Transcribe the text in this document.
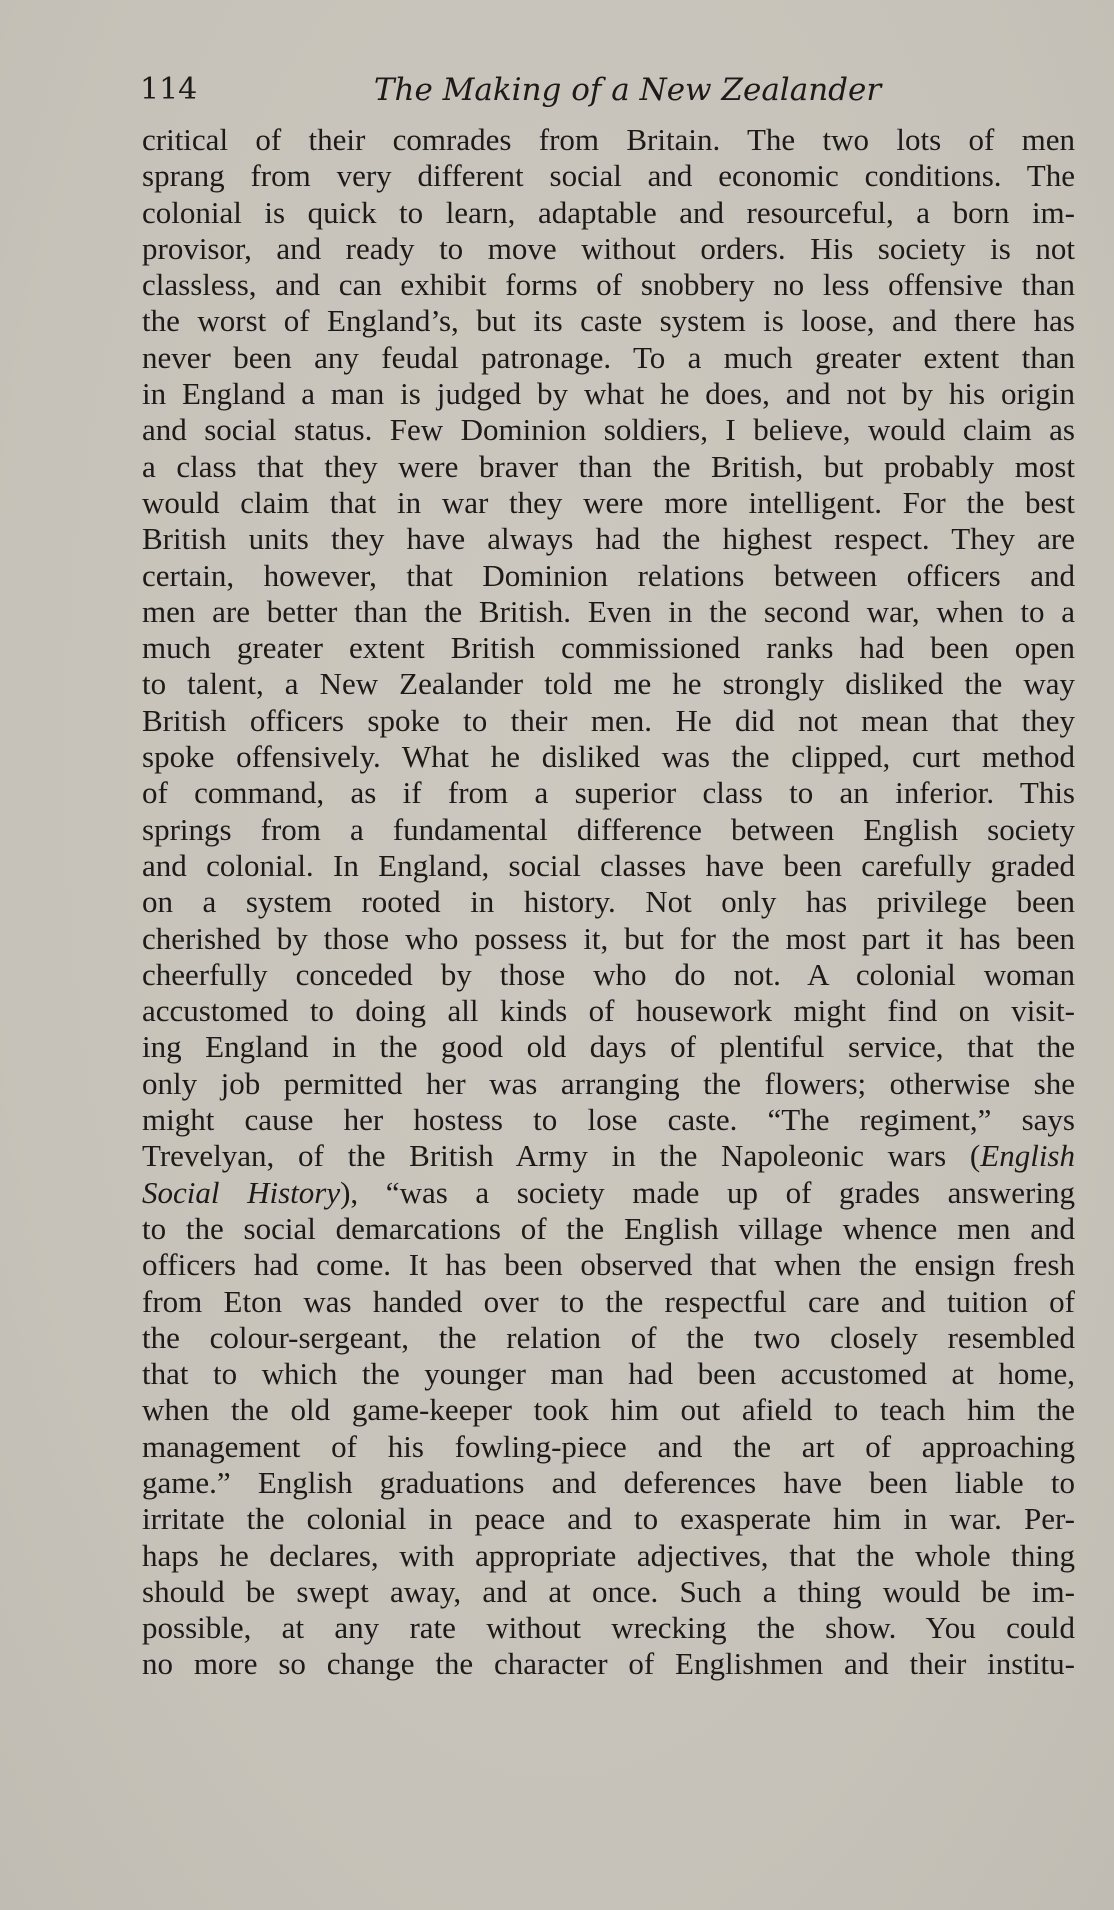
114	The Making of a New Zealander
critical of their comrades from Britain. The two lots of men
sprang from very different social and economic conditions. The
colonial is quick to learn, adaptable and resourceful, a born im-
provisor, and ready to move without orders. His society is not
classless, and can exhibit forms of snobbery no less offensive than
the worst of England’s, but its caste system is loose, and there has
never been any feudal patronage. To a much greater extent than
in England a man is judged by what he does, and not by his origin
and social status. Few Dominion soldiers, I believe, would claim as
a class that they were braver than the British, but probably most
would claim that in war they were more intelligent. For the best
British units they have always had the highest respect. They are
certain, however, that Dominion relations between officers and
men are better than the British. Even in the second war, when to a
much greater extent British commissioned ranks had been open
to talent, a New Zealander told me he strongly disliked the way
British officers spoke to their men. He did not mean that they
spoke offensively. What he disliked was the clipped, curt method
of command, as if from a superior class to an inferior. This
springs from a fundamental difference between English society
and colonial. In England, social classes have been carefully graded
on a system rooted in history. Not only has privilege been
cherished by those who possess it, but for the most part it has been
cheerfully conceded by those who do not. A colonial woman
accustomed to doing all kinds of housework might find on visit-
ing England in the good old days of plentiful service, that the
only job permitted her was arranging the flowers; otherwise she
might cause her hostess to lose caste. “The regiment,” says
Trevelyan, of the British Army in the Napoleonic wars (English
Social History), “was a society made up of grades answering
to the social demarcations of the English village whence men and
officers had come. It has been observed that when the ensign fresh
from Eton was handed over to the respectful care and tuition of
the colour-sergeant, the relation of the two closely resembled
that to which the younger man had been accustomed at home,
when the old game-keeper took him out afield to teach him the
management of his fowling-piece and the art of approaching
game.” English graduations and deferences have been liable to
irritate the colonial in peace and to exasperate him in war. Per-
haps he declares, with appropriate adjectives, that the whole thing
should be swept away, and at once. Such a thing would be im-
possible, at any rate without wrecking the show. You could
no more so change the character of Englishmen and their institu-
